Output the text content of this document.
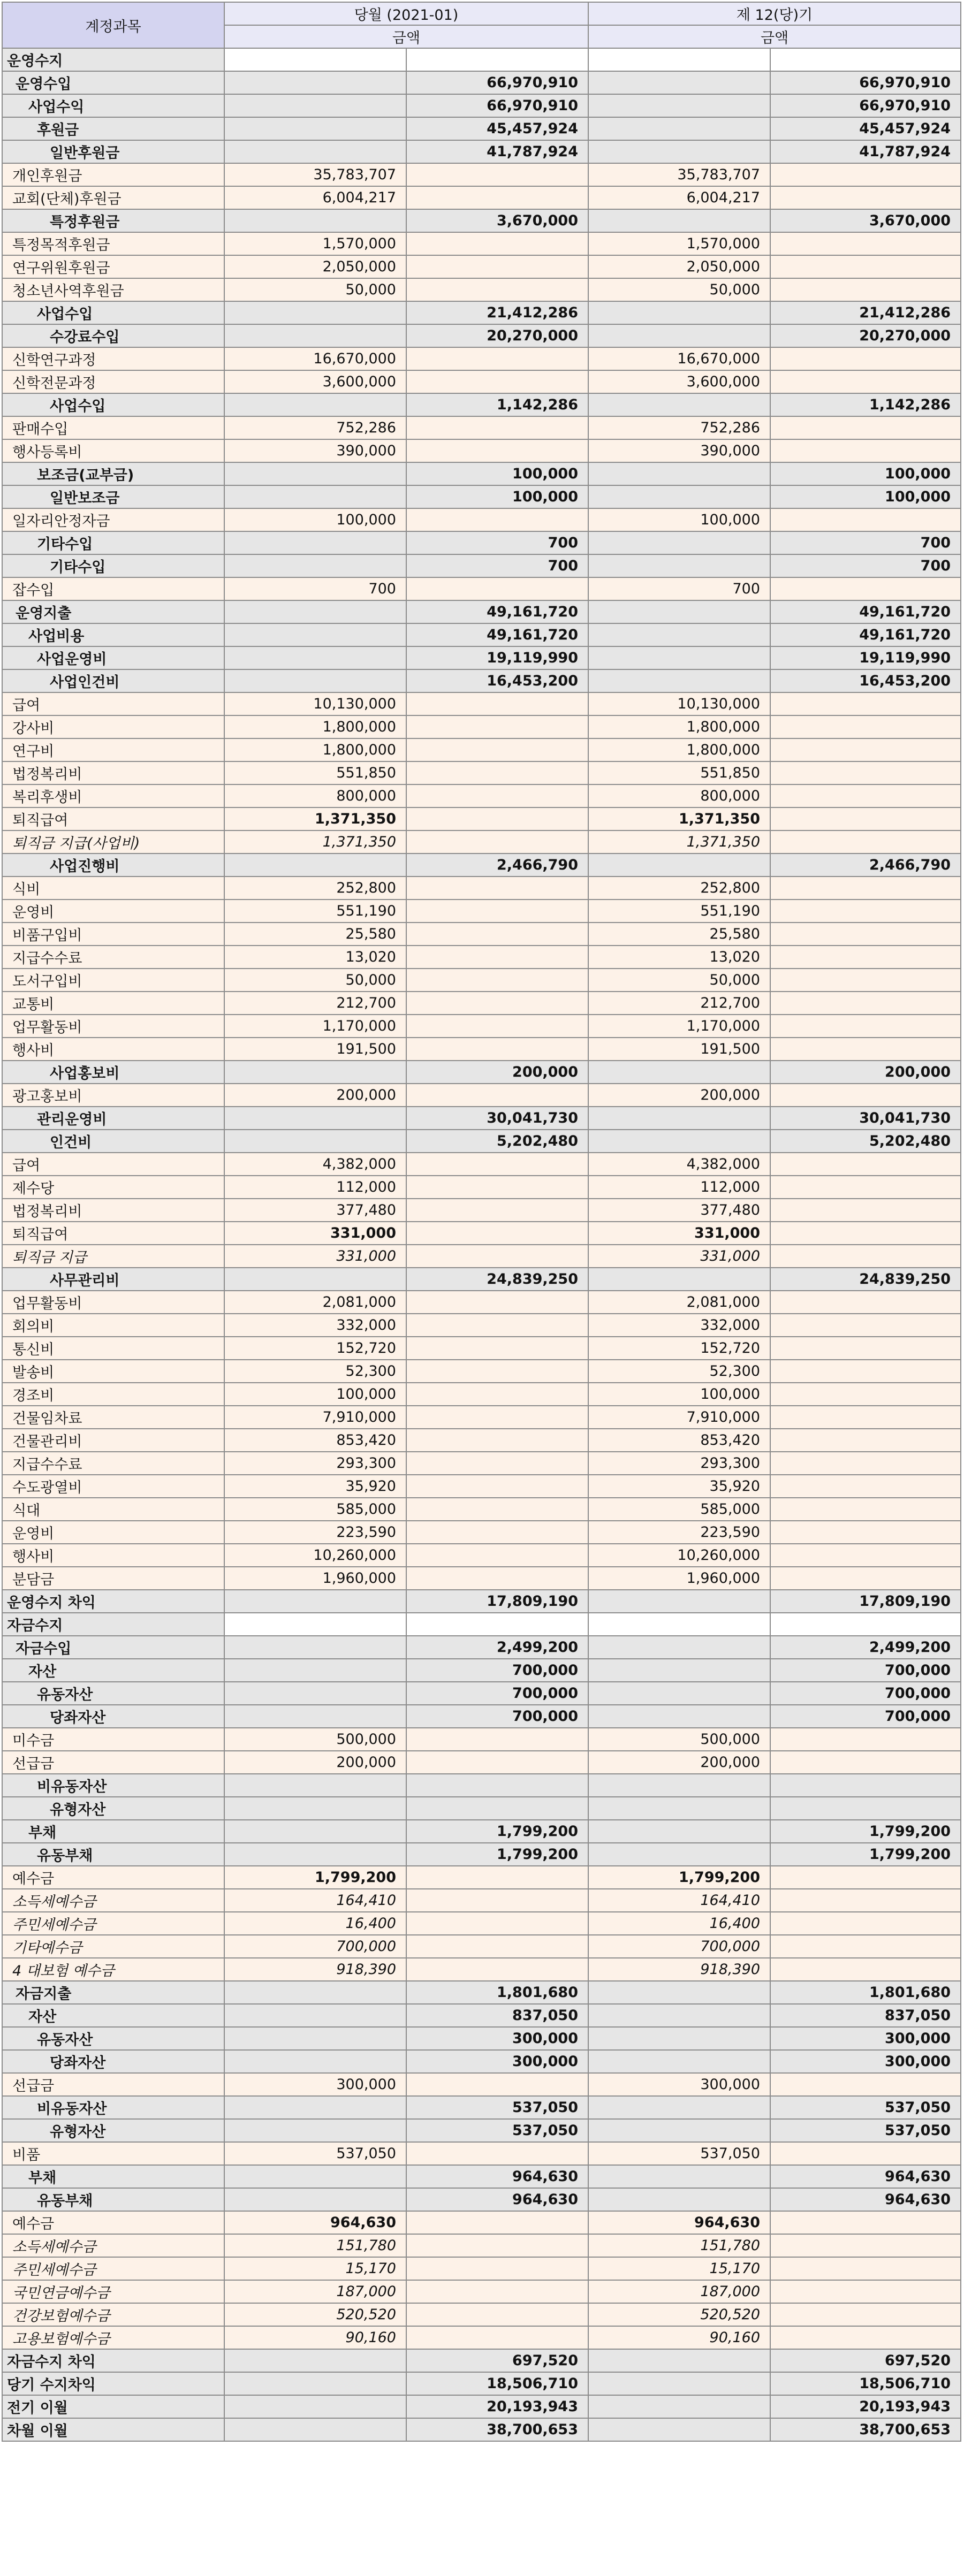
계정과목	당월 (2021-01)		제 12(당)기	
	금액		금액	
운영수지				
운영수입		66,970,910		66,970,910
사업수익		66,970,910		66,970,910
후원금		45,457,924		45,457,924
일반후원금		41,787,924		41,787,924
개인후원금	35,783,707		35,783,707	
교회(단체)후원금	6,004,217		6,004,217	
특정후원금		3,670,000		3,670,000
특정목적후원금	1,570,000		1,570,000	
연구위원후원금	2,050,000		2,050,000	
청소년사역후원금	50,000		50,000	
사업수입		21,412,286		21,412,286
수강료수입		20,270,000		20,270,000
신학연구과정	16,670,000		16,670,000	
신학전문과정	3,600,000		3,600,000	
사업수입		1,142,286		1,142,286
판매수입	752,286		752,286	
행사등록비	390,000		390,000	
보조금(교부금)		100,000		100,000
일반보조금		100,000		100,000
일자리안정자금	100,000		100,000	
기타수입		700		700
기타수입		700		700
잡수입	700		700	
운영지출		49,161,720		49,161,720
사업비용		49,161,720		49,161,720
사업운영비		19,119,990		19,119,990
사업인건비		16,453,200		16,453,200
급여	10,130,000		10,130,000	
강사비	1,800,000		1,800,000	
연구비	1,800,000		1,800,000	
법정복리비	551,850		551,850	
복리후생비	800,000		800,000	
퇴직급여	1,371,350		1,371,350	
퇴직금 지급(사업비)	1,371,350		1,371,350	
사업진행비		2,466,790		2,466,790
식비	252,800		252,800	
운영비	551,190		551,190	
비품구입비	25,580		25,580	
지급수수료	13,020		13,020	
도서구입비	50,000		50,000	
교통비	212,700		212,700	
업무활동비	1,170,000		1,170,000	
행사비	191,500		191,500	
사업홍보비		200,000		200,000
광고홍보비	200,000		200,000	
관리운영비		30,041,730		30,041,730
인건비		5,202,480		5,202,480
급여	4,382,000		4,382,000	
제수당	112,000		112,000	
법정복리비	377,480		377,480	
퇴직급여	331,000		331,000	
퇴직금 지급	331,000		331,000	
사무관리비		24,839,250		24,839,250
업무활동비	2,081,000		2,081,000	
회의비	332,000		332,000	
통신비	152,720		152,720	
발송비	52,300		52,300	
경조비	100,000		100,000	
건물임차료	7,910,000		7,910,000	
건물관리비	853,420		853,420	
지급수수료	293,300		293,300	
수도광열비	35,920		35,920	
식대	585,000		585,000	
운영비	223,590		223,590	
행사비	10,260,000		10,260,000	
분담금	1,960,000		1,960,000	
운영수지 차익		17,809,190		17,809,190
자금수지				
자금수입		2,499,200		2,499,200
자산		700,000		700,000
유동자산		700,000		700,000
당좌자산		700,000		700,000
미수금	500,000		500,000	
선급금	200,000		200,000	
비유동자산				
유형자산				
부채		1,799,200		1,799,200
유동부채		1,799,200		1,799,200
예수금	1,799,200		1,799,200	
소득세예수금	164,410		164,410	
주민세예수금	16,400		16,400	
기타예수금	700,000		700,000	
4 대보험 예수금	918,390		918,390	
자금지출		1,801,680		1,801,680
자산		837,050		837,050
유동자산		300,000		300,000
당좌자산		300,000		300,000
선급금	300,000		300,000	
비유동자산		537,050		537,050
유형자산		537,050		537,050
비품	537,050		537,050	
부채		964,630		964,630
유동부채		964,630		964,630
예수금	964,630		964,630	
소득세예수금	151,780		151,780	
주민세예수금	15,170		15,170	
국민연금예수금	187,000		187,000	
건강보험예수금	520,520		520,520	
고용보험예수금	90,160		90,160	
자금수지 차익		697,520		697,520
당기 수지차익		18,506,710		18,506,710
전기 이월		20,193,943		20,193,943
차월 이월		38,700,653		38,700,653
